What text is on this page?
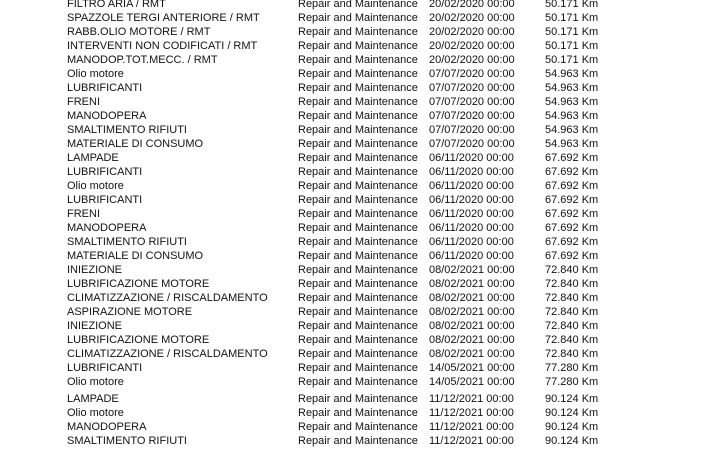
FILTRO ARIA / RMT	Repair and Maintenance	20/02/2020 00:00	50.171 Km
SPAZZOLE TERGI ANTERIORE / RMT	Repair and Maintenance	20/02/2020 00:00	50.171 Km
RABB.OLIO MOTORE / RMT	Repair and Maintenance	20/02/2020 00:00	50.171 Km
INTERVENTI NON CODIFICATI / RMT	Repair and Maintenance	20/02/2020 00:00	50.171 Km
MANODOP.TOT.MECC. / RMT	Repair and Maintenance	20/02/2020 00:00	50.171 Km
Olio motore	Repair and Maintenance	07/07/2020 00:00	54.963 Km
LUBRIFICANTI	Repair and Maintenance	07/07/2020 00:00	54.963 Km
FRENI	Repair and Maintenance	07/07/2020 00:00	54.963 Km
MANODOPERA	Repair and Maintenance	07/07/2020 00:00	54.963 Km
SMALTIMENTO RIFIUTI	Repair and Maintenance	07/07/2020 00:00	54.963 Km
MATERIALE DI CONSUMO	Repair and Maintenance	07/07/2020 00:00	54.963 Km
LAMPADE	Repair and Maintenance	06/11/2020 00:00	67.692 Km
LUBRIFICANTI	Repair and Maintenance	06/11/2020 00:00	67.692 Km
Olio motore	Repair and Maintenance	06/11/2020 00:00	67.692 Km
LUBRIFICANTI	Repair and Maintenance	06/11/2020 00:00	67.692 Km
FRENI	Repair and Maintenance	06/11/2020 00:00	67.692 Km
MANODOPERA	Repair and Maintenance	06/11/2020 00:00	67.692 Km
SMALTIMENTO RIFIUTI	Repair and Maintenance	06/11/2020 00:00	67.692 Km
MATERIALE DI CONSUMO	Repair and Maintenance	06/11/2020 00:00	67.692 Km
INIEZIONE	Repair and Maintenance	08/02/2021 00:00	72.840 Km
LUBRIFICAZIONE MOTORE	Repair and Maintenance	08/02/2021 00:00	72.840 Km
CLIMATIZZAZIONE / RISCALDAMENTO	Repair and Maintenance	08/02/2021 00:00	72.840 Km
ASPIRAZIONE MOTORE	Repair and Maintenance	08/02/2021 00:00	72.840 Km
INIEZIONE	Repair and Maintenance	08/02/2021 00:00	72.840 Km
LUBRIFICAZIONE MOTORE	Repair and Maintenance	08/02/2021 00:00	72.840 Km
CLIMATIZZAZIONE / RISCALDAMENTO	Repair and Maintenance	08/02/2021 00:00	72.840 Km
LUBRIFICANTI	Repair and Maintenance	14/05/2021 00:00	77.280 Km
Olio motore	Repair and Maintenance	14/05/2021 00:00	77.280 Km
LAMPADE	Repair and Maintenance	11/12/2021 00:00	90.124 Km
Olio motore	Repair and Maintenance	11/12/2021 00:00	90.124 Km
MANODOPERA	Repair and Maintenance	11/12/2021 00:00	90.124 Km
SMALTIMENTO RIFIUTI	Repair and Maintenance	11/12/2021 00:00	90.124 Km
